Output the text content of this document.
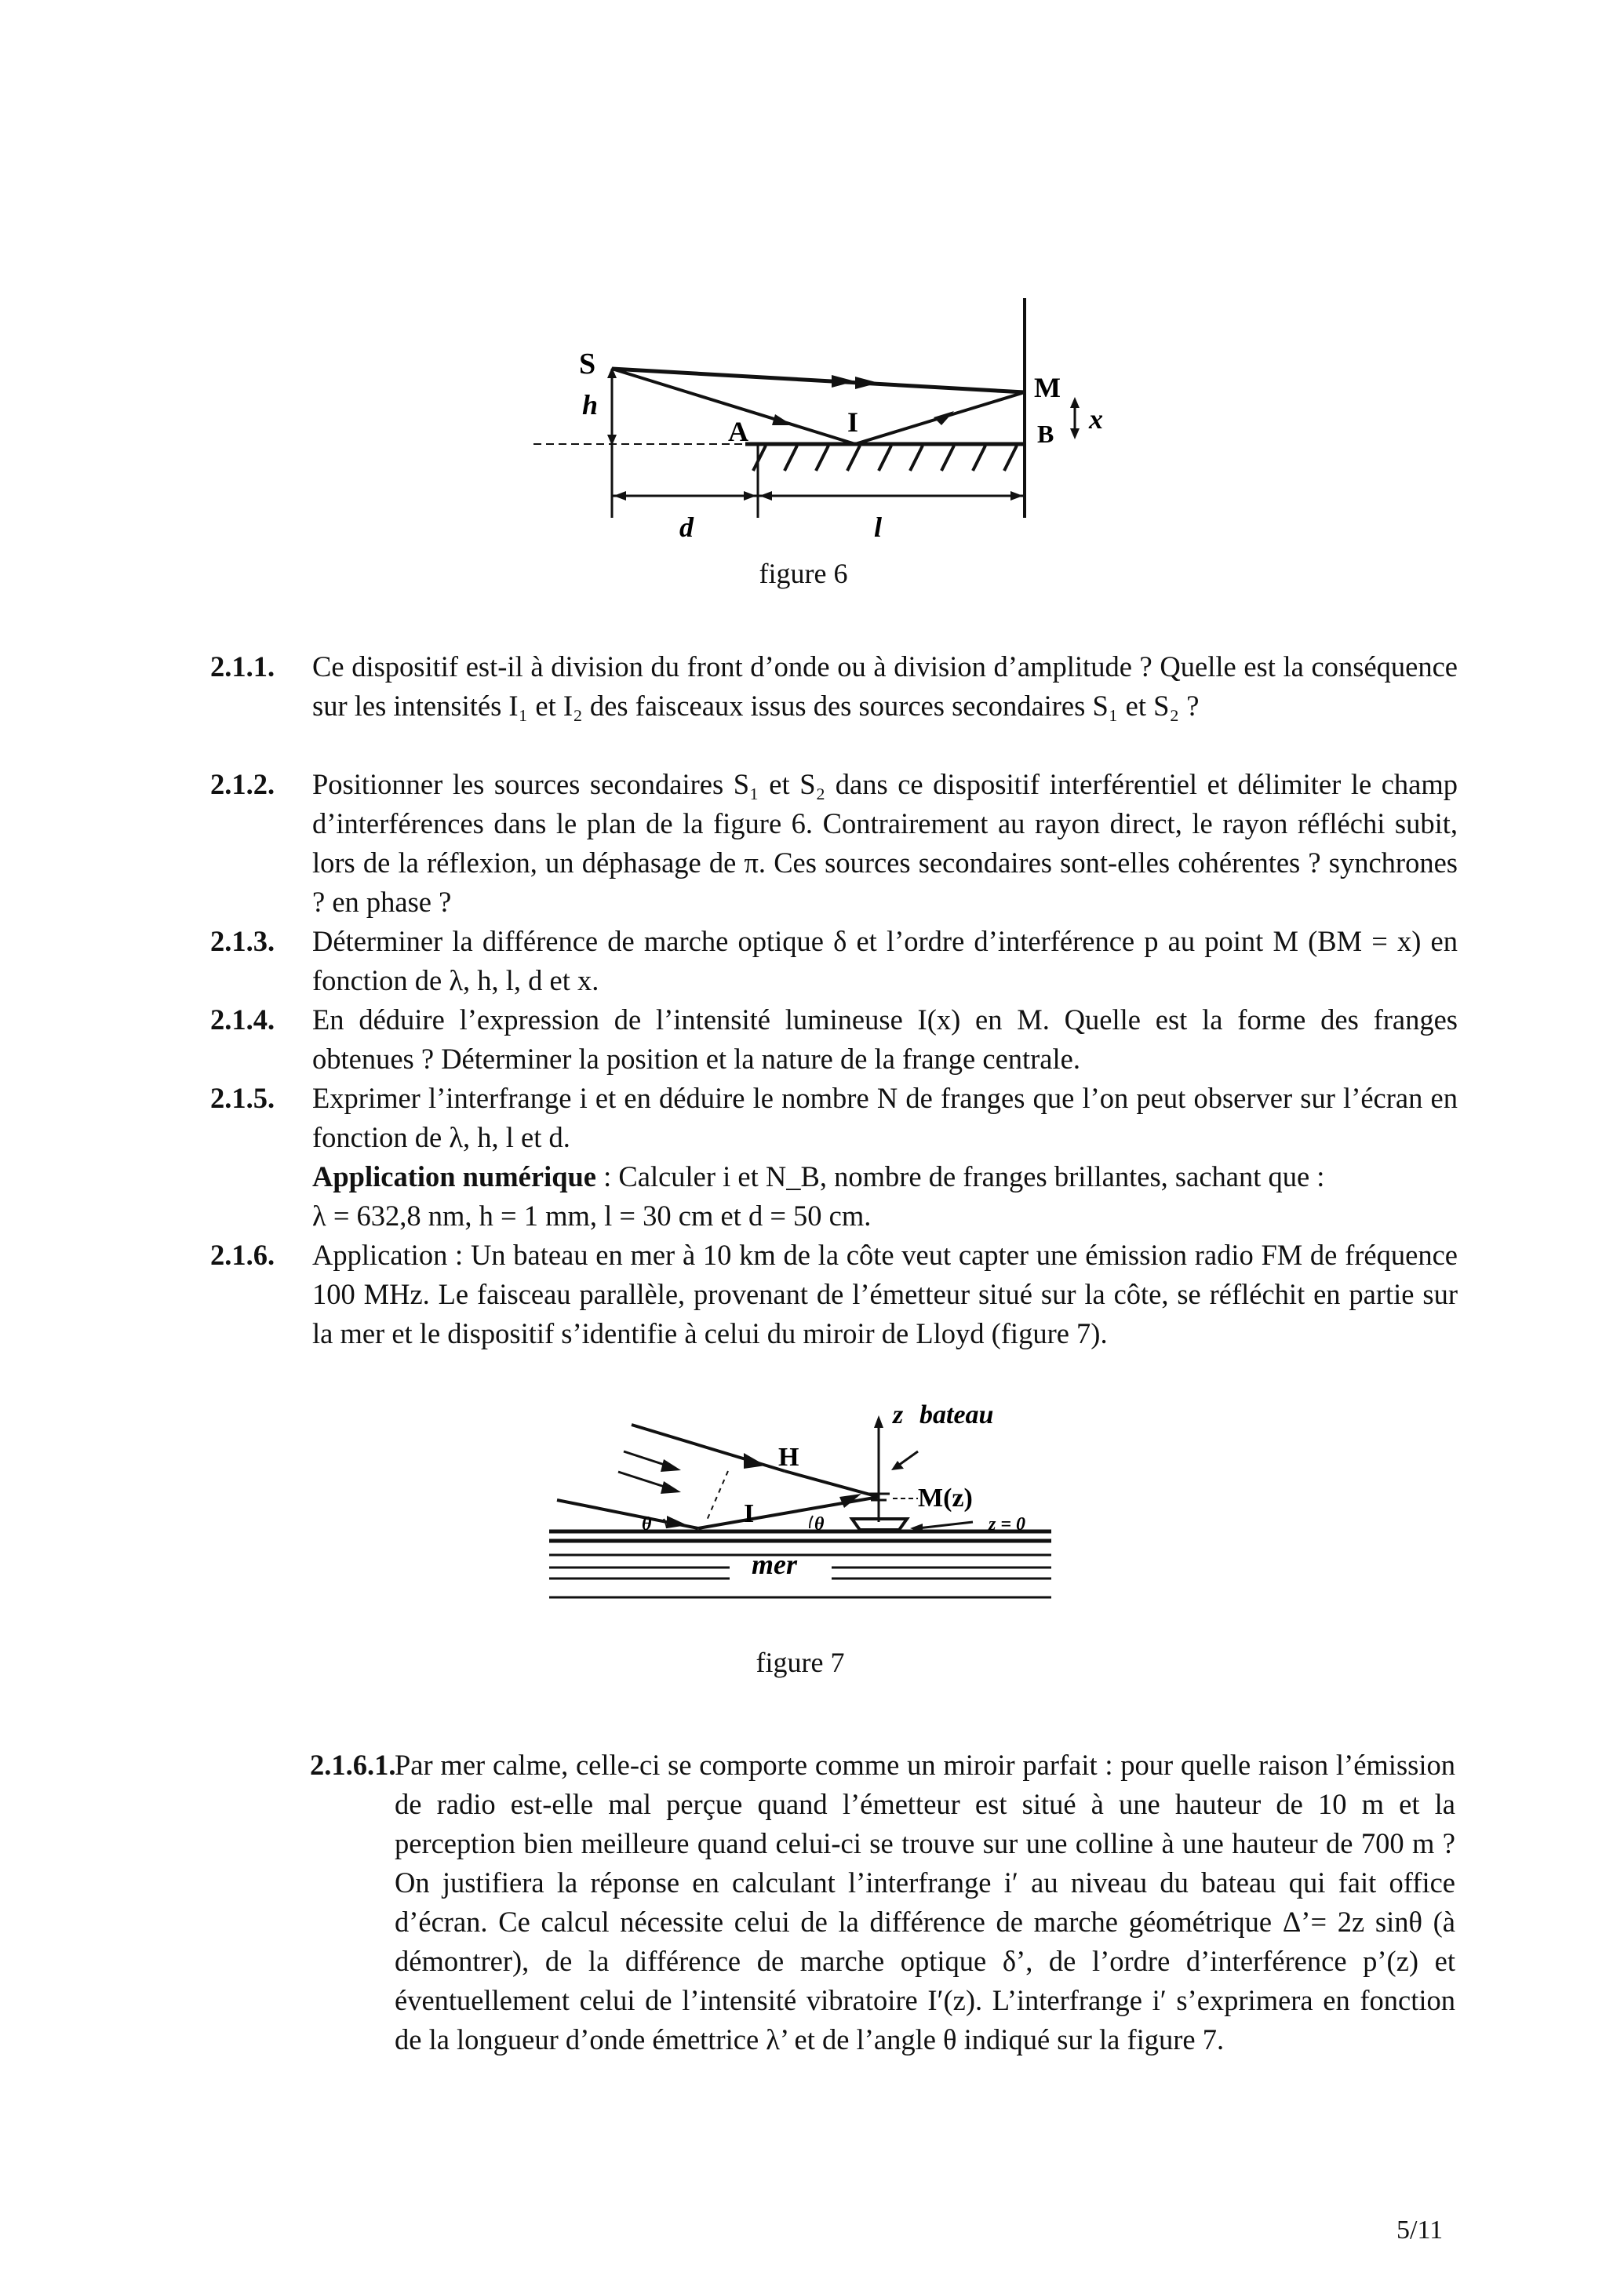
S
h
A	I
M
B x
d	l
figure 6
2.1.1. Ce dispositif est-il à division du front d’onde ou à division d’amplitude ? Quelle est la conséquence sur les intensités I₁ et I₂ des faisceaux issus des sources secondaires S₁ et S₂ ?
2.1.2. Positionner les sources secondaires S₁ et S₂ dans ce dispositif interférentiel et délimiter le champ d’interférences dans le plan de la figure 6. Contrairement au rayon direct, le rayon réfléchi subit, lors de la réflexion, un déphasage de π. Ces sources secondaires sont-elles cohérentes ? synchrones ? en phase ?
2.1.3. Déterminer la différence de marche optique δ et l’ordre d’interférence p au point M (BM = x) en fonction de λ, h, l, d et x.
2.1.4. En déduire l’expression de l’intensité lumineuse I(x) en M. Quelle est la forme des franges obtenues ? Déterminer la position et la nature de la frange centrale.
2.1.5. Exprimer l’interfrange i et en déduire le nombre N de franges que l’on peut observer sur l’écran en fonction de λ, h, l et d.
Application numérique : Calculer i et N_B, nombre de franges brillantes, sachant que :
λ = 632,8 nm, h = 1 mm, l = 30 cm et d = 50 cm.
2.1.6. Application : Un bateau en mer à 10 km de la côte veut capter une émission radio FM de fréquence 100 MHz. Le faisceau parallèle, provenant de l’émetteur situé sur la côte, se réfléchit en partie sur la mer et le dispositif s’identifie à celui du miroir de Lloyd (figure 7).
z bateau
H
I
M(z)
θ	θ	z = 0
mer
figure 7
2.1.6.1.
Par mer calme, celle-ci se comporte comme un miroir parfait : pour quelle raison l’émission de radio est-elle mal perçue quand l’émetteur est situé à une hauteur de 10 m et la perception bien meilleure quand celui-ci se trouve sur une colline à une hauteur de 700 m ? On justifiera la réponse en calculant l’interfrange i′ au niveau du bateau qui fait office d’écran. Ce calcul nécessite celui de la différence de marche géométrique Δ’= 2z sinθ (à démontrer), de la différence de marche optique δ’, de l’ordre d’interférence p’(z) et éventuellement celui de l’intensité vibratoire I′(z). L’interfrange i′ s’exprimera en fonction de la longueur d’onde émettrice λ’ et de l’angle θ indiqué sur la figure 7.
5/11
